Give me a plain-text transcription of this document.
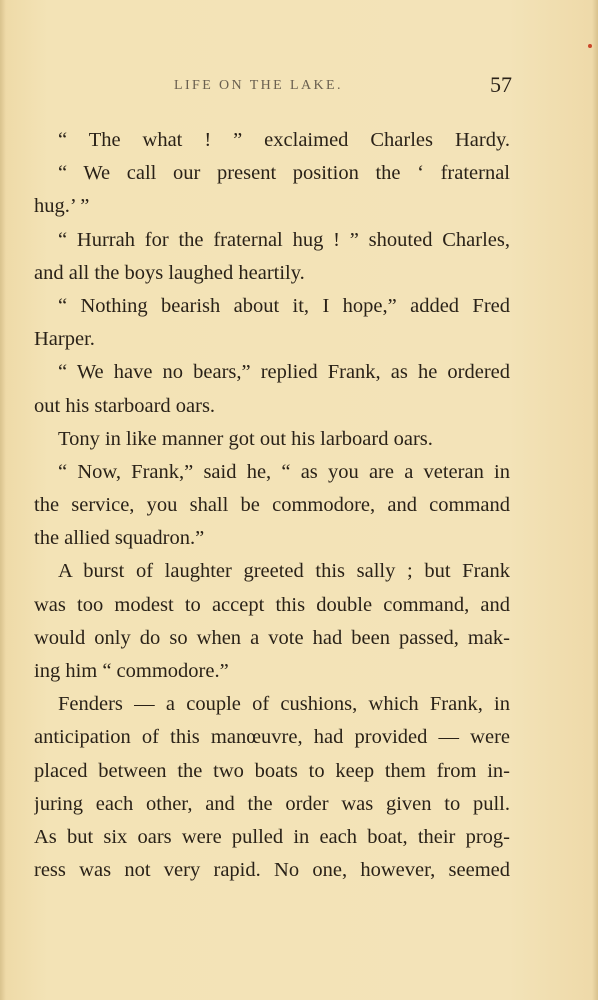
LIFE ON THE LAKE.	57
“ The what ! ” exclaimed Charles Hardy.
“ We call our present position the ‘ fraternal
hug.’ ”
“ Hurrah for the fraternal hug ! ” shouted Charles,
and all the boys laughed heartily.
“ Nothing bearish about it, I hope,” added Fred
Harper.
“ We have no bears,” replied Frank, as he ordered
out his starboard oars.
Tony in like manner got out his larboard oars.
“ Now, Frank,” said he, “ as you are a veteran in
the service, you shall be commodore, and command
the allied squadron.”
A burst of laughter greeted this sally ; but Frank
was too modest to accept this double command, and
would only do so when a vote had been passed, mak-
ing him “ commodore.”
Fenders — a couple of cushions, which Frank, in
anticipation of this manœuvre, had provided — were
placed between the two boats to keep them from in-
juring each other, and the order was given to pull.
As but six oars were pulled in each boat, their prog-
ress was not very rapid. No one, however, seemed
